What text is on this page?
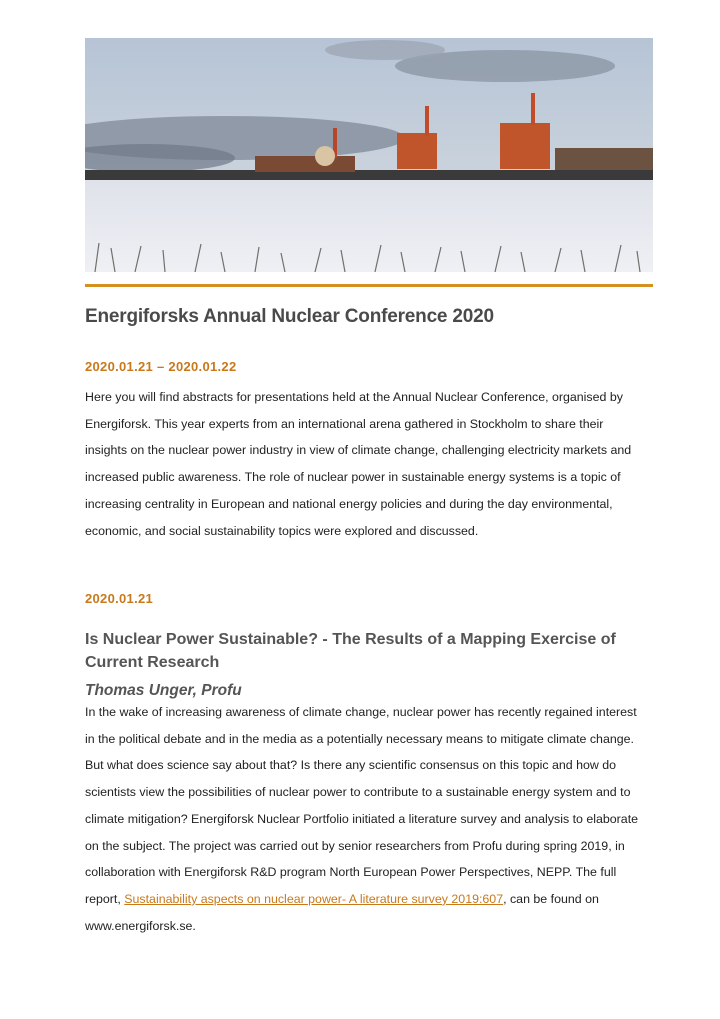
Energiforsks Annual Nuclear Conference 2020
2020.01.21 – 2020.01.22

Here you will find abstracts for presentations held at the Annual Nuclear Conference, organised by Energiforsk. This year experts from an international arena gathered in Stockholm to share their insights on the nuclear power industry in view of climate change, challenging electricity markets and increased public awareness. The role of nuclear power in sustainable energy systems is a topic of increasing centrality in European and national energy policies and during the day environmental, economic, and social sustainability topics were explored and discussed.

2020.01.21

Is Nuclear Power Sustainable? - The Results of a Mapping Exercise of Current Research

Thomas Unger, Profu

In the wake of increasing awareness of climate change, nuclear power has recently regained interest in the political debate and in the media as a potentially necessary means to mitigate climate change. But what does science say about that? Is there any scientific consensus on this topic and how do scientists view the possibilities of nuclear power to contribute to a sustainable energy system and to climate mitigation? Energiforsk Nuclear Portfolio initiated a literature survey and analysis to elaborate on the subject. The project was carried out by senior researchers from Profu during spring 2019, in collaboration with Energiforsk R&D program North European Power Perspectives, NEPP. The full report, Sustainability aspects on nuclear power- A literature survey 2019:607, can be found on www.energiforsk.se.
